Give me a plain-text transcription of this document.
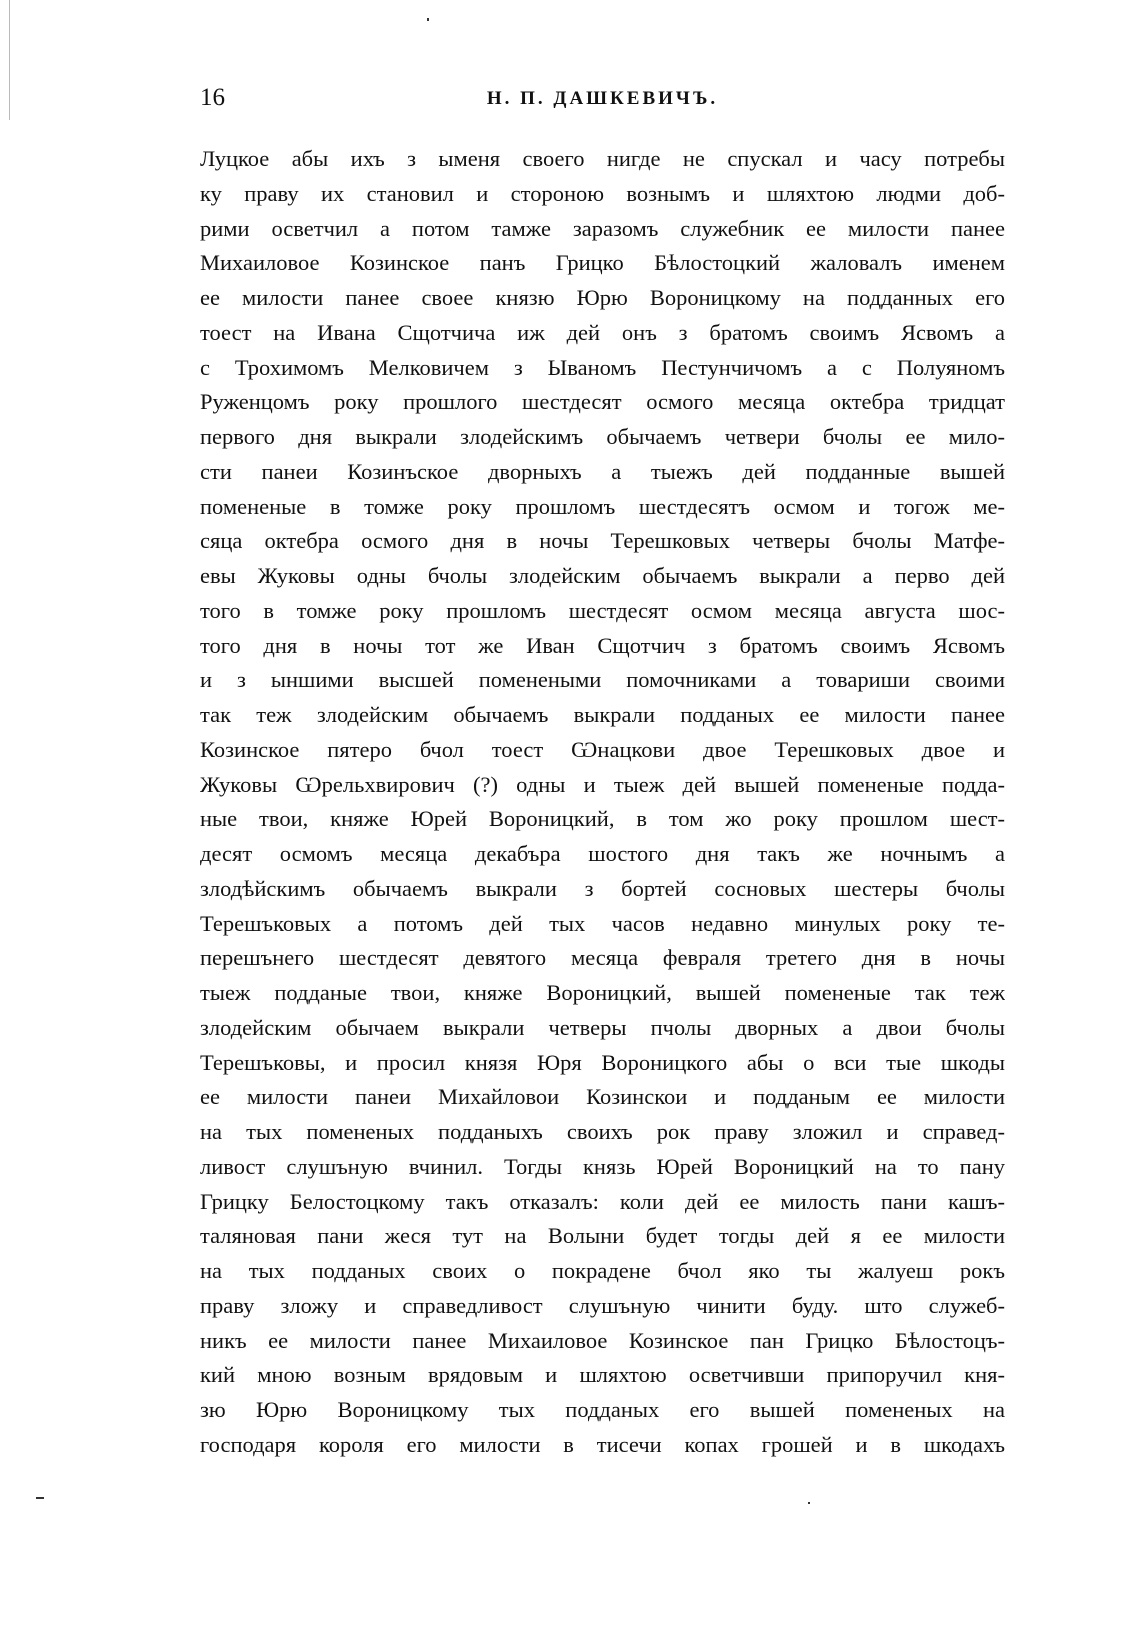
16	Н. П. ДАШКЕВИЧЪ.
Луцкое абы ихъ з ымeня своего нигде не спускал и часу потребы
ку праву их становил и стороною вознымъ и шляхтою людми доб-
рими осветчил а потом тамже заразомъ служебник ее милости панее
Михаиловое Козинское панъ Грицко Бѣлостоцкий жаловалъ именем
ее милости панее своее князю Юрю Вороницкому на подданных его
тоест на Ивана Сщотчича иж дей онъ з братомъ своимъ Ясвомъ а
с Трохимомъ Мелковичем з Ываномъ Пестунчичомъ а с Полуяномъ
Руженцомъ року прошлого шестдесят осмого месяца октебра тридцат
первого дня выкрали злодейскимъ обычаемъ четвери бчолы ее мило-
сти панеи Козинъское дворныхъ а тыежъ дей подданные вышей
помененые в томже року прошломъ шестдесятъ осмом и тогож ме-
сяца октебра осмого дня в ночы Терешковых четверы бчолы Матфе-
евы Жуковы одны бчолы злодейским обычаемъ выкрали а перво дей
того в томже року прошломъ шестдесят осмом месяца августа шос-
того дня в ночы тот же Иван Сщотчич з братомъ своимъ Ясвомъ
и з ыншими высшей поменеными помочниками а товариши своими
так теж злодейским обычаемъ выкрали подданых ее милости панее
Козинское пятеро бчол тоест Ѡнацкови двое Терешковых двое и
Жуковы Ѡрельхвирович (?) одны и тыеж дей вышей помененые подда-
ные твои, княже Юрей Вороницкий, в том жо року прошлом шест-
десят осмомъ месяца декабъра шостого дня такъ же ночнымъ а
злодѣйскимъ обычаемъ выкрали з бортей сосновых шестеры бчолы
Терешъковых а потомъ дей тых часов недавно минулых року те-
перешънего шестдесят девятого месяца февраля третего дня в ночы
тыеж подданые твои, княже Вороницкий, вышей помененые так теж
злодейским обычаем выкрали четверы пчолы дворных а двои бчолы
Терешъковы, и просил князя Юря Вороницкого абы о вси тые шкоды
ее милости панеи Михайловои Козинскои и подданым ее милости
на тых помененых подданыхъ своихъ рок праву зложил и справед-
ливост слушъную вчинил. Тогды князь Юрей Вороницкий на то пану
Грицку Белостоцкому такъ отказалъ: коли дей ее милость пани кашъ-
таляновая пани жеся тут на Волыни будет тогды дей я ее милости
на тых подданых своих о покрадене бчол яко ты жалуеш рокъ
праву зложу и справедливост слушъную чинити буду. што служеб-
никъ ее милости панее Михаиловое Козинское пан Грицко Бѣлостоцъ-
кий мною возным врядовым и шляхтою осветчивши припоручил кня-
зю Юрю Вороницкому тых подданых его вышей помененых на
господаря короля его милости в тисечи копах грошей и в шкодахъ
